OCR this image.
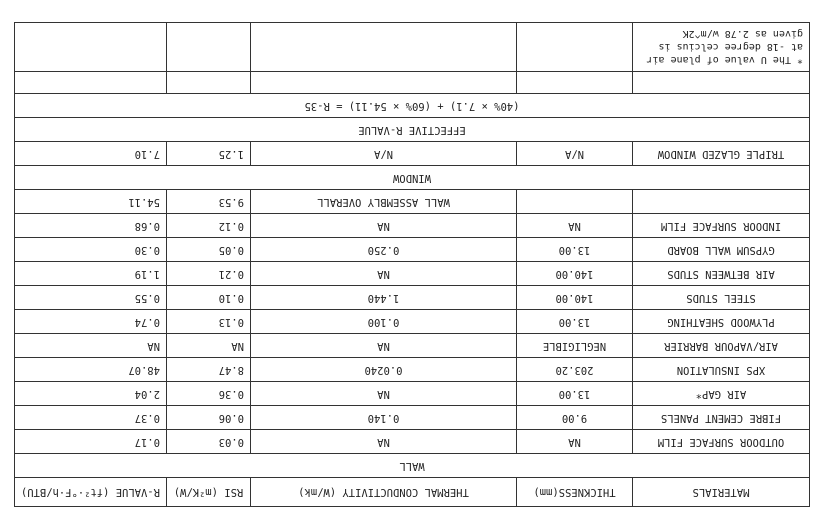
MATERIALS	THICKNESS(mm)	THERMAL CONDUCTIVITY (W/mk)	RSI (m²K/W)	R-VALUE (ft²·°F·h/BTU)
WALL				
OUTDOOR SURFACE FILM	NA	NA	0.03	0.17
FIBRE CEMENT PANELS	9.00	0.140	0.06	0.37
AIR GAP*	13.00	NA	0.36	2.04
XPS INSULATION	203.20	0.0240	8.47	48.07
AIR/VAPOUR BARRIER	NEGLIGIBLE	NA	NA	NA
PLYWOOD SHEATHING	13.00	0.100	0.13	0.74
STEEL STUDS	140.00	1.440	0.10	0.55
AIR BETWEEN STUDS	140.00	NA	0.21	1.19
GYPSUM WALL BOARD	13.00	0.250	0.05	0.30
INDOOR SURFACE FILM	NA	NA	0.12	0.68
		WALL ASSEMBLY OVERALL	9.53	54.11
WINDOW				
TRIPLE GLAZED WINDOW	N/A	N/A	1.25	7.10
EFFECTIVE R-VALUE				
(40% × 7.1) + (60% × 54.11) = R-35				

* The U value of plane air at -18 degree celcius is given as 2.78 w/m^2K				
